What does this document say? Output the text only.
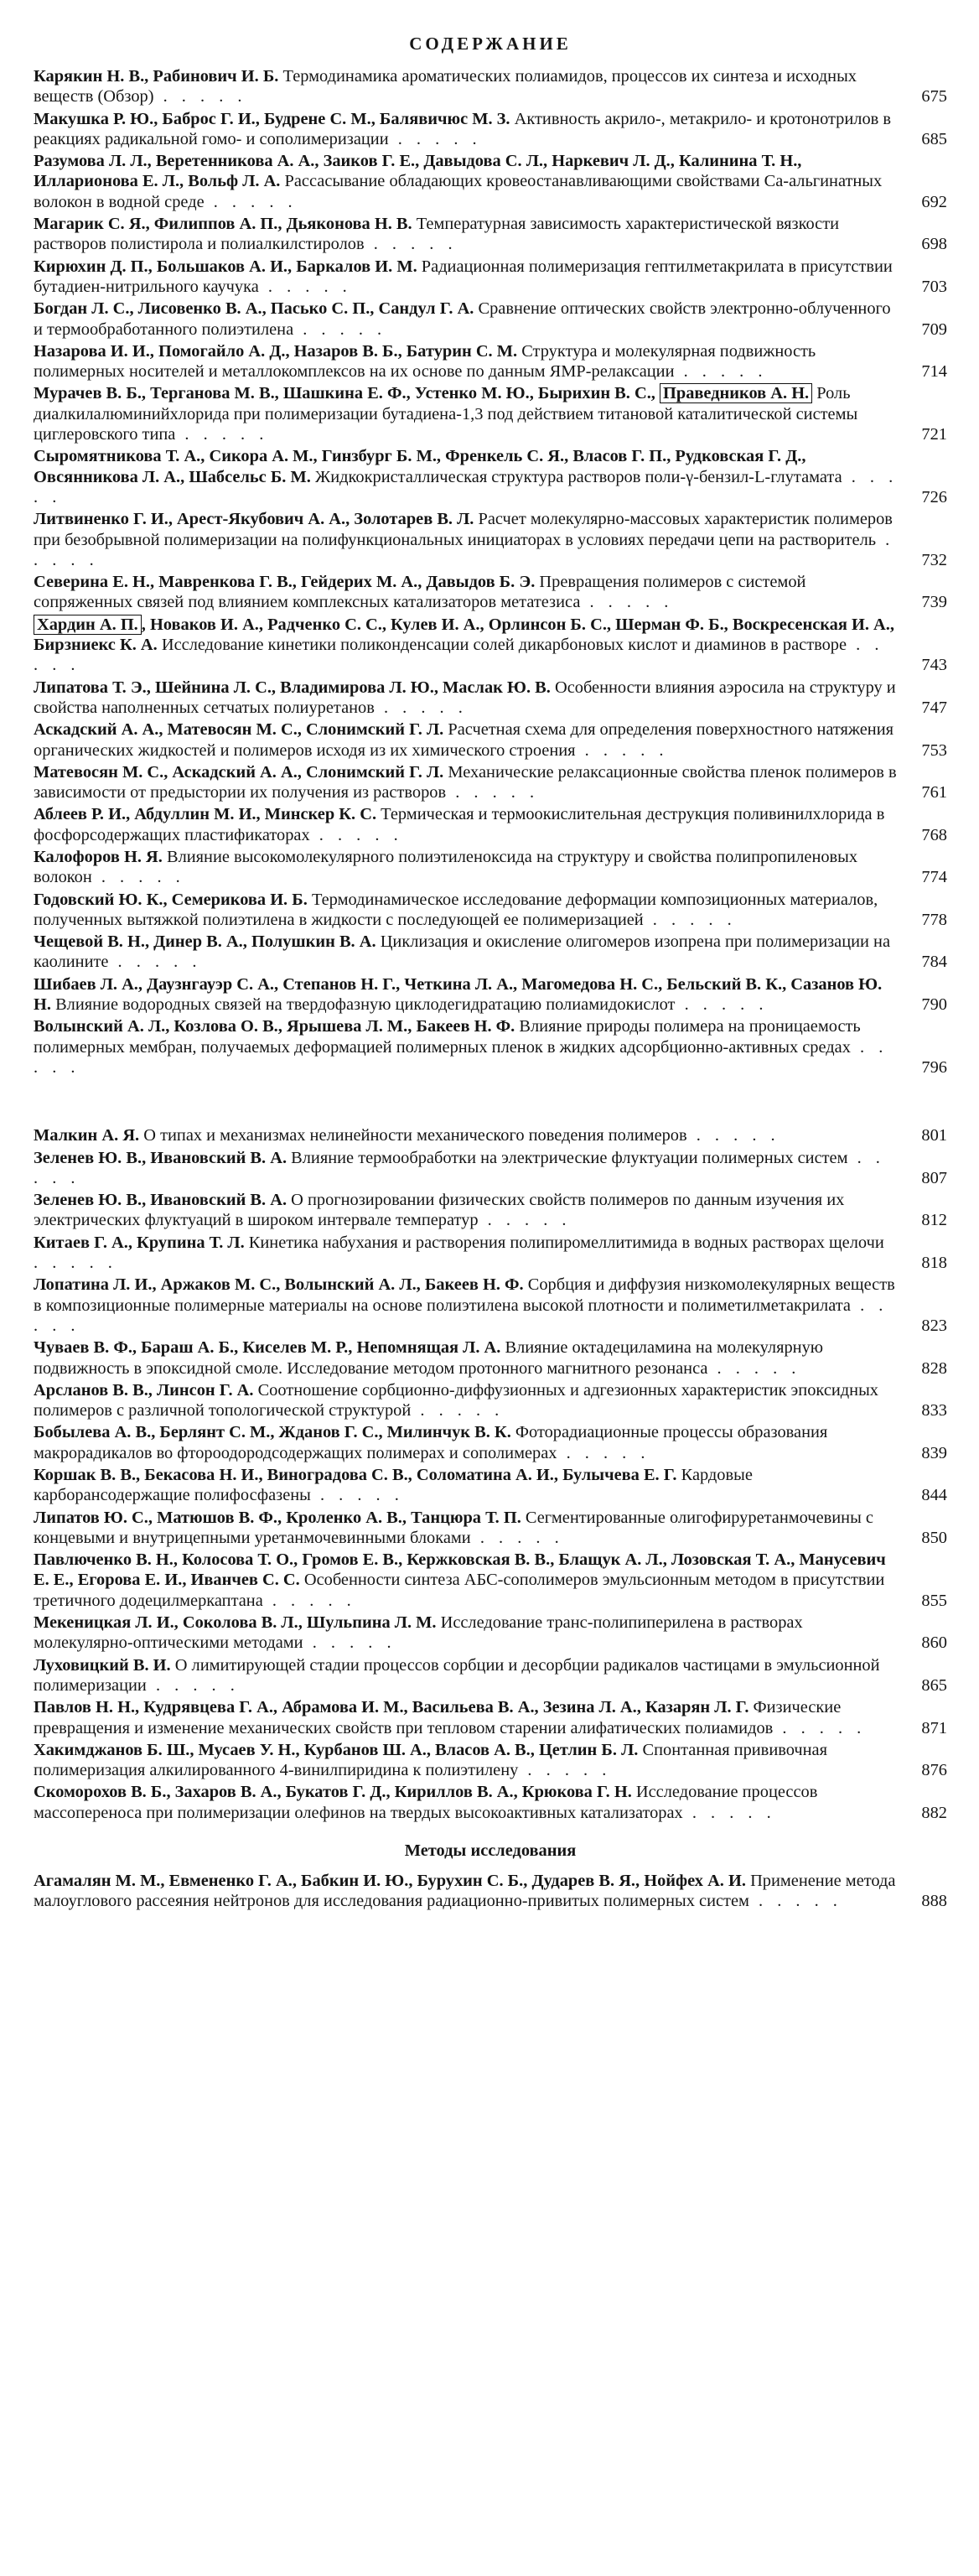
СОДЕРЖАНИЕ
Карякин Н. В., Рабинович И. Б. Термодинамика ароматических полиамидов, процессов их синтеза и исходных веществ (Обзор) . . . . .	675
Макушка Р. Ю., Баброс Г. И., Будрене С. М., Балявичюс М. З. Активность акрило-, метакрило- и кротонотрилов в реакциях радикальной гомо- и сополимеризации . . . . .	685
Разумова Л. Л., Веретенникова А. А., Заиков Г. Е., Давыдова С. Л., Наркевич Л. Д., Калинина Т. Н., Илларионова Е. Л., Вольф Л. А. Рассасывание обладающих кровеостанавливающими свойствами Са-альгинатных волокон в водной среде . . . . .	692
Магарик С. Я., Филиппов А. П., Дьяконова Н. В. Температурная зависимость характеристической вязкости растворов полистирола и полиалкилстиролов . . . . .	698
Кирюхин Д. П., Большаков А. И., Баркалов И. М. Радиационная полимеризация гептилметакрилата в присутствии бутадиен-нитрильного каучука . . . . .	703
Богдан Л. С., Лисовенко В. А., Пасько С. П., Сандул Г. А. Сравнение оптических свойств электронно-облученного и термообработанного полиэтилена . . . . .	709
Назарова И. И., Помогайло А. Д., Назаров В. Б., Батурин С. М. Структура и молекулярная подвижность полимерных носителей и металлокомплексов на их основе по данным ЯМР-релаксации . . . . .	714
Мурачев В. Б., Терганова М. В., Шашкина Е. Ф., Устенко М. Ю., Бырихин В. С., Праведников А. Н. Роль диалкилалюминийхлорида при полимеризации бутадиена-1,3 под действием титановой каталитической системы циглеровского типа . . . . .	721
Сыромятникова Т. А., Сикора А. М., Гинзбург Б. М., Френкель С. Я., Власов Г. П., Рудковская Г. Д., Овсянникова Л. А., Шабсельс Б. М. Жидкокристаллическая структура растворов поли-γ-бензил-L-глутамата . . . . .	726
Литвиненко Г. И., Арест-Якубович А. А., Золотарев В. Л. Расчет молекулярно-массовых характеристик полимеров при безобрывной полимеризации на полифункциональных инициаторах в условиях передачи цепи на растворитель . . . . .	732
Северина Е. Н., Мавренкова Г. В., Гейдерих М. А., Давыдов Б. Э. Превращения полимеров с системой сопряженных связей под влиянием комплексных катализаторов метатезиса . . . . .	739
Хардин А. П. , Новаков И. А., Радченко С. С., Кулев И. А., Орлинсон Б. С., Шерман Ф. Б., Воскресенская И. А., Бирзниекс К. А. Исследование кинетики поликонденсации солей дикарбоновых кислот и диаминов в растворе . . . . .	743
Липатова Т. Э., Шейнина Л. С., Владимирова Л. Ю., Маслак Ю. В. Особенности влияния аэросила на структуру и свойства наполненных сетчатых полиуретанов . . . . .	747
Аскадский А. А., Матевосян М. С., Слонимский Г. Л. Расчетная схема для определения поверхностного натяжения органических жидкостей и полимеров исходя из их химического строения . . . . .	753
Матевосян М. С., Аскадский А. А., Слонимский Г. Л. Механические релаксационные свойства пленок полимеров в зависимости от предыстории их получения из растворов . . . . .	761
Аблеев Р. И., Абдуллин М. И., Минскер К. С. Термическая и термоокислительная деструкция поливинилхлорида в фосфорсодержащих пластификаторах . . . . .	768
Калофоров Н. Я. Влияние высокомолекулярного полиэтиленоксида на структуру и свойства полипропиленовых волокон . . . . .	774
Годовский Ю. К., Семерикова И. Б. Термодинамическое исследование деформации композиционных материалов, полученных вытяжкой полиэтилена в жидкости с последующей ее полимеризацией . . . . .	778
Чещевой В. Н., Динер В. А., Полушкин В. А. Циклизация и окисление олигомеров изопрена при полимеризации на каолините . . . . .	784
Шибаев Л. А., Даузнгауэр С. А., Степанов Н. Г., Четкина Л. А., Магомедова Н. С., Бельский В. К., Сазанов Ю. Н. Влияние водородных связей на твердофазную циклодегидратацию полиамидокислот . . . . .	790
Волынский А. Л., Козлова О. В., Ярышева Л. М., Бакеев Н. Ф. Влияние природы полимера на проницаемость полимерных мембран, получаемых деформацией полимерных пленок в жидких адсорбционно-активных средах . . . . .	796
Малкин А. Я. О типах и механизмах нелинейности механического поведения полимеров . . . . .	801
Зеленев Ю. В., Ивановский В. А. Влияние термообработки на электрические флуктуации полимерных систем . . . . .	807
Зеленев Ю. В., Ивановский В. А. О прогнозировании физических свойств полимеров по данным изучения их электрических флуктуаций в широком интервале температур . . . . .	812
Китаев Г. А., Крупина Т. Л. Кинетика набухания и растворения полипиромеллитимида в водных растворах щелочи . . . . .	818
Лопатина Л. И., Аржаков М. С., Волынский А. Л., Бакеев Н. Ф. Сорбция и диффузия низкомолекулярных веществ в композиционные полимерные материалы на основе полиэтилена высокой плотности и полиметилметакрилата . . . . .	823
Чуваев В. Ф., Бараш А. Б., Киселев М. Р., Непомнящая Л. А. Влияние октадециламина на молекулярную подвижность в эпоксидной смоле. Исследование методом протонного магнитного резонанса . . . . .	828
Арсланов В. В., Линсон Г. А. Соотношение сорбционно-диффузионных и адгезионных характеристик эпоксидных полимеров с различной топологической структурой . . . . .	833
Бобылева А. В., Берлянт С. М., Жданов Г. С., Милинчук В. К. Фоторадиационные процессы образования макрорадикалов во фтороодородсодержащих полимерах и сополимерах . . . . .	839
Коршак В. В., Бекасова Н. И., Виноградова С. В., Соломатина А. И., Булычева Е. Г. Кардовые карборансодержащие полифосфазены . . . . .	844
Липатов Ю. С., Матюшов В. Ф., Кроленко А. В., Танцюра Т. П. Сегментированные олигофируретанмочевины с концевыми и внутрицепными уретанмочевинными блоками . . . . .	850
Павлюченко В. Н., Колосова Т. О., Громов Е. В., Кержковская В. В., Блащук А. Л., Лозовская Т. А., Манусевич Е. Е., Егорова Е. И., Иванчев С. С. Особенности синтеза АБС-сополимеров эмульсионным методом в присутствии третичного додецилмеркаптана . . . . .	855
Мекеницкая Л. И., Соколова В. Л., Шульпина Л. М. Исследование транс-полипиперилена в растворах молекулярно-оптическими методами . . . . .	860
Луховицкий В. И. О лимитирующей стадии процессов сорбции и десорбции радикалов частицами в эмульсионной полимеризации . . . . .	865
Павлов Н. Н., Кудрявцева Г. А., Абрамова И. М., Васильева В. А., Зезина Л. А., Казарян Л. Г. Физические превращения и изменение механических свойств при тепловом старении алифатических полиамидов . . . . .	871
Хакимджанов Б. Ш., Мусаев У. Н., Курбанов Ш. А., Власов А. В., Цетлин Б. Л. Спонтанная прививочная полимеризация алкилированного 4-винилпиридина к полиэтилену . . . . .	876
Скоморохов В. Б., Захаров В. А., Букатов Г. Д., Кириллов В. А., Крюкова Г. Н. Исследование процессов массопереноса при полимеризации олефинов на твердых высокоактивных катализаторах . . . . .	882
Методы исследования
Агамалян М. М., Евмененко Г. А., Бабкин И. Ю., Бурухин С. Б., Дударев В. Я., Нойфех А. И. Применение метода малоуглового рассеяния нейтронов для исследования радиационно-привитых полимерных систем . . . . .	888
